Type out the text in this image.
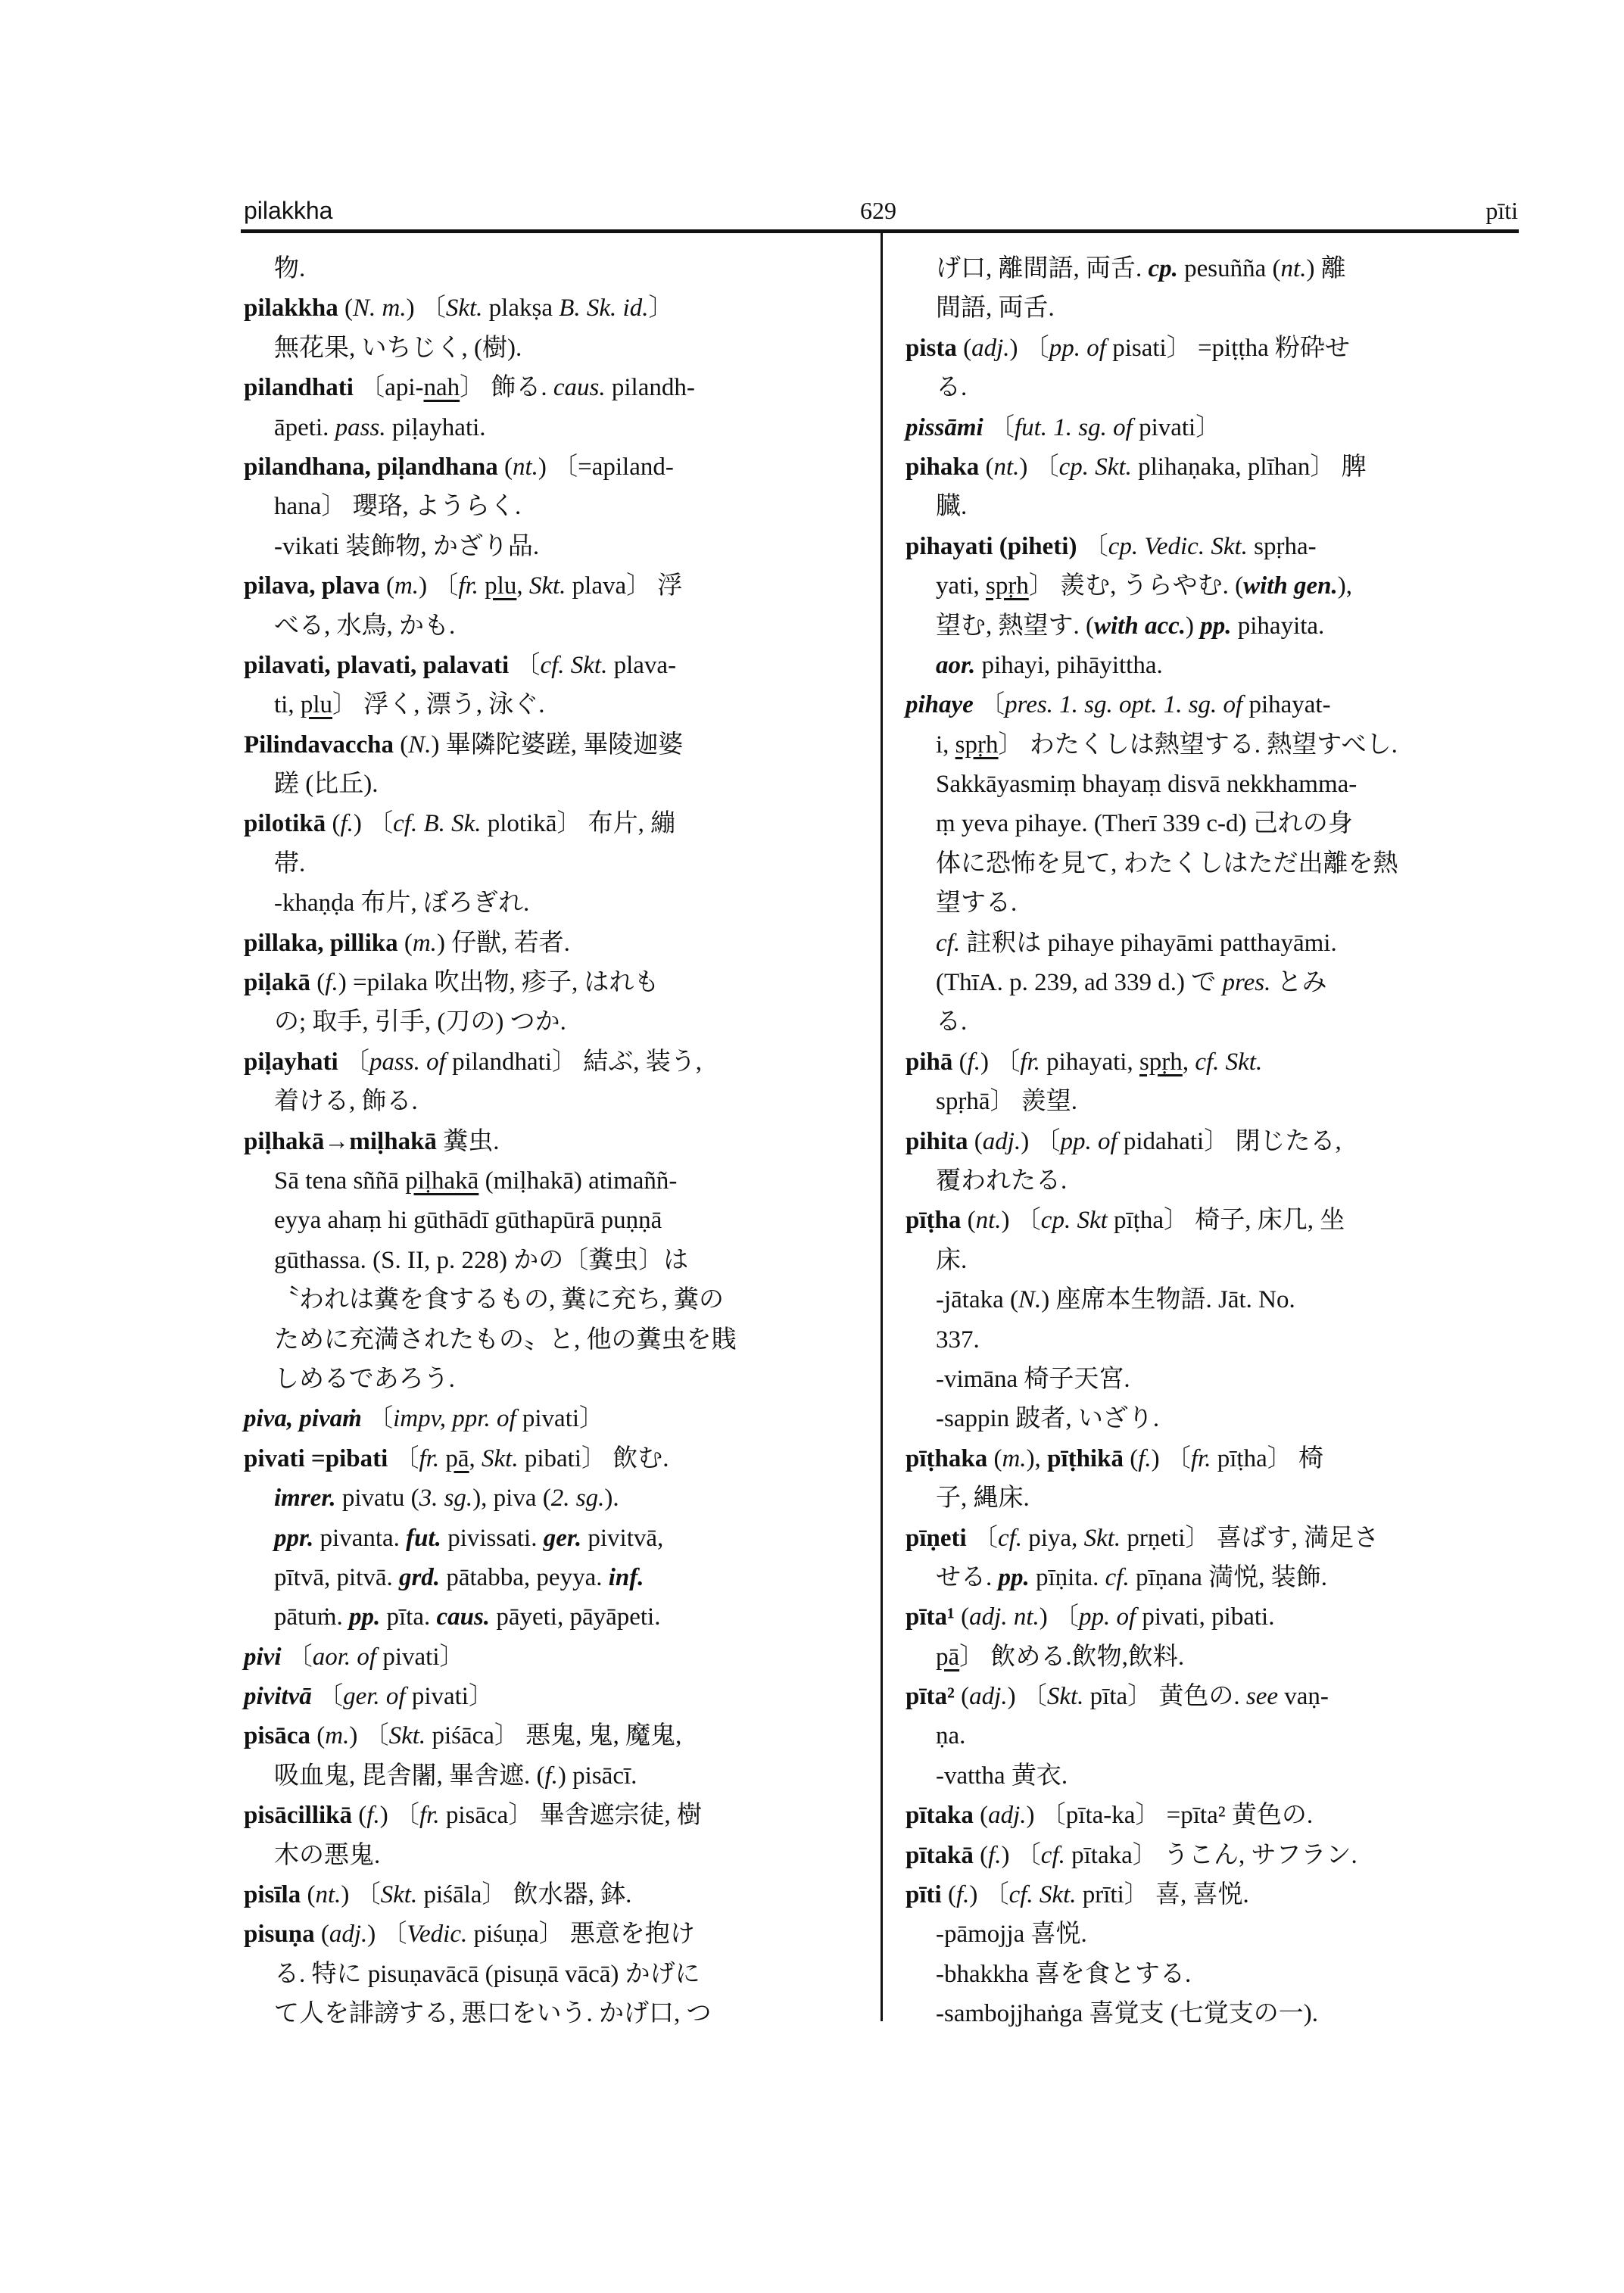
pilakkha	629	pīti
物.
pilakkha (N. m.) 〔Skt. plakṣa B. Sk. id.〕
無花果, いちじく, (樹).
pilandhati 〔api-nah〕 飾る. caus. pilandh-
āpeti. pass. piḷayhati.
pilandhana, piḷandhana (nt.) 〔=apiland-
hana〕 瓔珞, ようらく.
-vikati 装飾物, かざり品.
pilava, plava (m.) 〔fr. plu, Skt. plava〕 浮
べる, 水鳥, かも.
pilavati, plavati, palavati 〔cf. Skt. plava-
ti, plu〕 浮く, 漂う, 泳ぐ.
Pilindavaccha (N.) 畢隣陀婆蹉, 畢陵迦婆
蹉 (比丘).
pilotikā (f.) 〔cf. B. Sk. plotikā〕 布片, 繃
帯.
-khaṇḍa 布片, ぼろぎれ.
pillaka, pillika (m.) 仔獣, 若者.
piḷakā (f.) =pilaka 吹出物, 疹子, はれも
の; 取手, 引手, (刀の) つか.
piḷayhati 〔pass. of pilandhati〕 結ぶ, 装う,
着ける, 飾る.
piḷhakā→miḷhakā 糞虫.
Sā tena sññā piḷhakā (miḷhakā) atimaññ-
eyya ahaṃ hi gūthādī gūthapūrā puṇṇā
gūthassa. (S. II, p. 228) かの〔糞虫〕は
〝われは糞を食するもの, 糞に充ち, 糞の
ために充満されたもの〟と, 他の糞虫を賎
しめるであろう.
piva, pivaṁ 〔impv, ppr. of pivati〕
pivati =pibati 〔fr. pā, Skt. pibati〕 飲む.
imrer. pivatu (3. sg.), piva (2. sg.).
ppr. pivanta. fut. pivissati. ger. pivitvā,
pītvā, pitvā. grd. pātabba, peyya. inf.
pātuṁ. pp. pīta. caus. pāyeti, pāyāpeti.
pivi 〔aor. of pivati〕
pivitvā 〔ger. of pivati〕
pisāca (m.) 〔Skt. piśāca〕 悪鬼, 鬼, 魔鬼,
吸血鬼, 毘舎闍, 畢舎遮. (f.) pisācī.
pisācillikā (f.) 〔fr. pisāca〕 畢舎遮宗徒, 樹
木の悪鬼.
pisīla (nt.) 〔Skt. piśāla〕 飲水器, 鉢.
pisuṇa (adj.) 〔Vedic. piśuṇa〕 悪意を抱け
る. 特に pisuṇavācā (pisuṇā vācā) かげに
て人を誹謗する, 悪口をいう. かげ口, つ
げ口, 離間語, 両舌. cp. pesuñña (nt.) 離
間語, 両舌.
pista (adj.) 〔pp. of pisati〕 =piṭṭha 粉砕せ
る.
pissāmi 〔fut. 1. sg. of pivati〕
pihaka (nt.) 〔cp. Skt. plihaṇaka, plīhan〕 脾
臓.
pihayati (piheti) 〔cp. Vedic. Skt. spṛha-
yati, spṛh〕 羨む, うらやむ. (with gen.),
望む, 熱望す. (with acc.) pp. pihayita.
aor. pihayi, pihāyittha.
pihaye 〔pres. 1. sg. opt. 1. sg. of pihayat-
i, spṛh〕 わたくしは熱望する. 熱望すべし.
Sakkāyasmiṃ bhayaṃ disvā nekkhamma-
ṃ yeva pihaye. (Therī 339 c-d) 己れの身
体に恐怖を見て, わたくしはただ出離を熱
望する.
cf. 註釈は pihaye pihayāmi patthayāmi.
(ThīA. p. 239, ad 339 d.) で pres. とみ
る.
pihā (f.) 〔fr. pihayati, spṛh, cf. Skt.
spṛhā〕 羨望.
pihita (adj.) 〔pp. of pidahati〕 閉じたる,
覆われたる.
pīṭha (nt.) 〔cp. Skt pīṭha〕 椅子, 床几, 坐
床.
-jātaka (N.) 座席本生物語. Jāt. No.
337.
-vimāna 椅子天宮.
-sappin 跛者, いざり.
pīṭhaka (m.), pīṭhikā (f.) 〔fr. pīṭha〕 椅
子, 縄床.
pīṇeti 〔cf. piya, Skt. prṇeti〕 喜ばす, 満足さ
せる. pp. pīṇita. cf. pīṇana 満悦, 装飾.
pīta¹ (adj. nt.) 〔pp. of pivati, pibati.
pā〕 飲める.飲物,飲料.
pīta² (adj.) 〔Skt. pīta〕 黄色の. see vaṇ-
ṇa.
-vattha 黄衣.
pītaka (adj.) 〔pīta-ka〕 =pīta² 黄色の.
pītakā (f.) 〔cf. pītaka〕 うこん, サフラン.
pīti (f.) 〔cf. Skt. prīti〕 喜, 喜悦.
-pāmojja 喜悦.
-bhakkha 喜を食とする.
-sambojjhaṅga 喜覚支 (七覚支の一).
